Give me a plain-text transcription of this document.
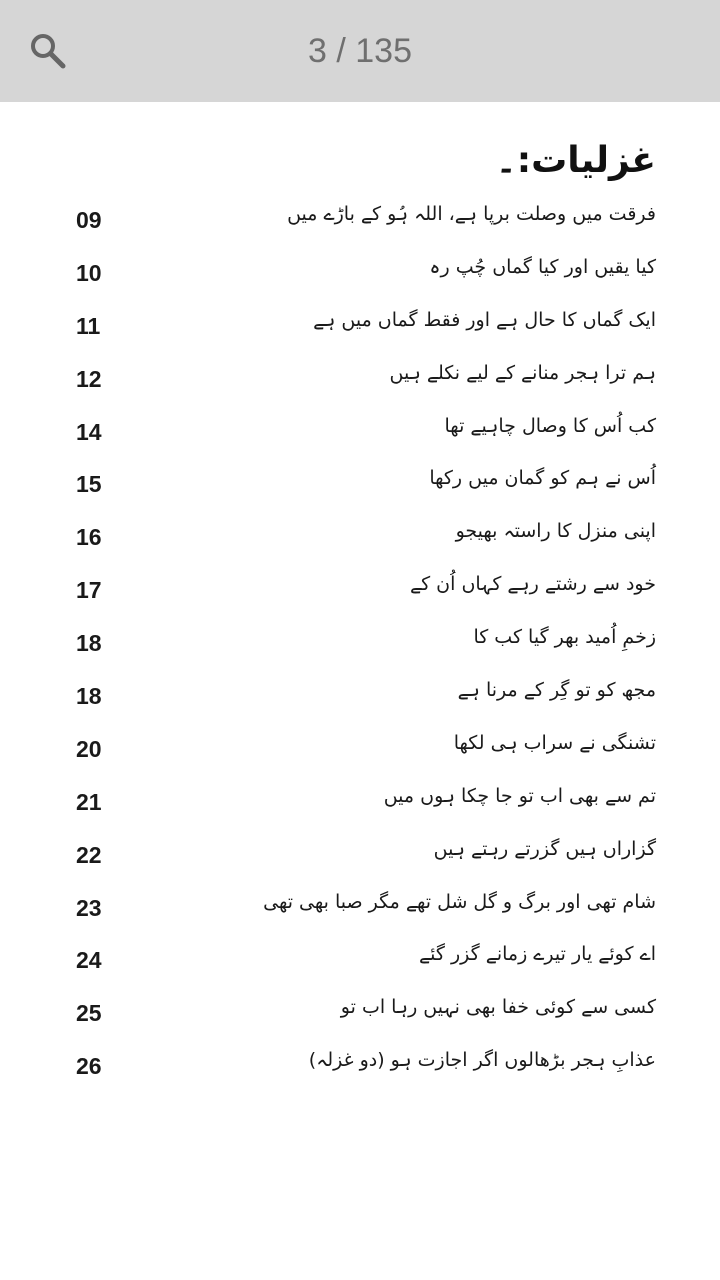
3 / 135
غزلیات:۔
فرقت میں وصلت برپا ہے، اللہ ہُو کے باڑے میں
09
کیا یقیں اور کیا گماں چُپ رہ
10
ایک گماں کا حال ہے اور فقط گماں میں ہے
11
ہم ترا ہجر منانے کے لیے نکلے ہیں
12
کب اُس کا وصال چاہیے تھا
14
اُس نے ہم کو گمان میں رکھا
15
اپنی منزل کا راستہ بھیجو
16
خود سے رشتے رہے کہاں اُن کے
17
زخمِ اُمید بھر گیا کب کا
18
مجھ کو تو گِر کے مرنا ہے
18
تشنگی نے سراب ہی لکھا
20
تم سے بھی اب تو جا چکا ہوں میں
21
گزاراں ہیں گزرتے رہتے ہیں
22
شام تھی اور برگ و گل شل تھے مگر صبا بھی تھی
23
اے کوئے یار تیرے زمانے گزر گئے
24
کسی سے کوئی خفا بھی نہیں رہا اب تو
25
عذابِ ہجر بڑھالوں اگر اجازت ہو (دو غزلہ)
26
